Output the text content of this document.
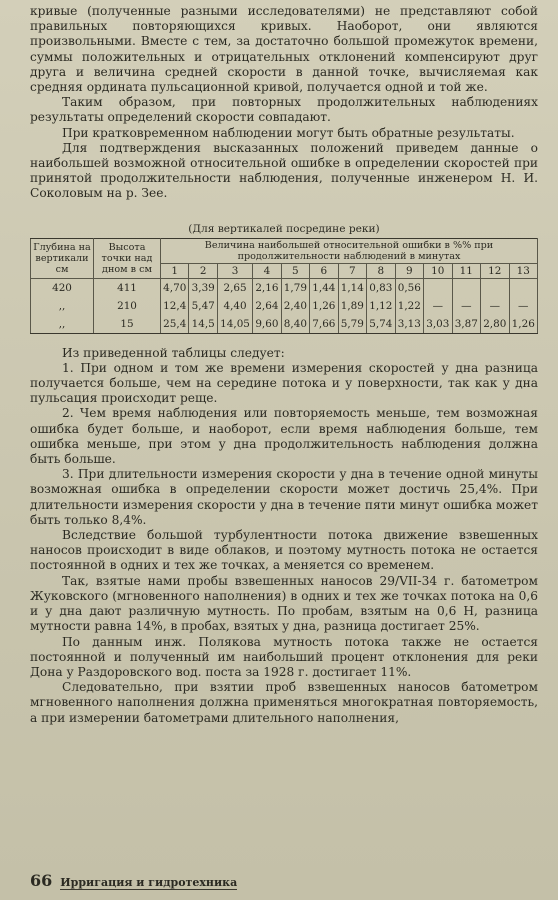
кривые (полученные разными исследователями) не представляют собой правильных повторяющихся кривых. Наоборот, они являются произвольными. Вместе с тем, за достаточно большой промежуток времени, суммы положительных и отрицательных отклонений компенсируют друг друга и величина средней скорости в данной точке, вычисляемая как средняя ордината пульсационной кривой, получается одной и той же.

Таким образом, при повторных продолжительных наблюдениях результаты определений скорости совпадают.

При кратковременном наблюдении могут быть обратные результаты.

Для подтверждения высказанных положений приведем данные о наибольшей возможной относительной ошибке в определении скоростей при принятой продолжительности наблюдения, полученные инженером Н. И. Соколовым на р. Зее.

(Для вертикалей посредине реки)
Глубина на вертикали см	Высота точки над дном в см	Величина наибольшей относительной ошибки в %% при продолжительности наблюдений в минутах												
		1	2	3	4	5	6	7	8	9	10	11	12	13
420	411	4,70	3,39	2,65	2,16	1,79	1,44	1,14	0,83	0,56				
,,	210	12,4	5,47	4,40	2,64	2,40	1,26	1,89	1,12	1,22	—	—	—	—
,,	15	25,4	14,5	14,05	9,60	8,40	7,66	5,79	5,74	3,13	3,03	3,87	2,80	1,26

Из приведенной таблицы следует:

1. При одном и том же времени измерения скоростей у дна разница получается больше, чем на середине потока и у поверхности, так как у дна пульсация происходит реще.

2. Чем время наблюдения или повторяемость меньше, тем возможная ошибка будет больше, и наоборот, если время наблюдения больше, тем ошибка меньше, при этом у дна продолжительность наблюдения должна быть больше.

3. При длительности измерения скорости у дна в течение одной минуты возможная ошибка в определении скорости может достичь 25,4%. При длительности измерения скорости у дна в течение пяти минут ошибка может быть только 8,4%.

Вследствие большой турбулентности потока движение взвешенных наносов происходит в виде облаков, и поэтому мутность потока не остается постоянной в одних и тех же точках, а меняется со временем.

Так, взятые нами пробы взвешенных наносов 29/VII-34 г. батометром Жуковского (мгновенного наполнения) в одних и тех же точках потока на 0,6 и у дна дают различную мутность. По пробам, взятым на 0,6 Н, разница мутности равна 14%, в пробах, взятых у дна, разница достигает 25%.

По данным инж. Полякова мутность потока также не остается постоянной и полученный им наибольший процент отклонения для реки Дона у Раздоровского вод. поста за 1928 г. достигает 11%.

Следовательно, при взятии проб взвешенных наносов батометром мгновенного наполнения должна применяться многократная повторяемость, а при измерении батометрами длительного наполнения,

66 Ирригация и гидротехника
